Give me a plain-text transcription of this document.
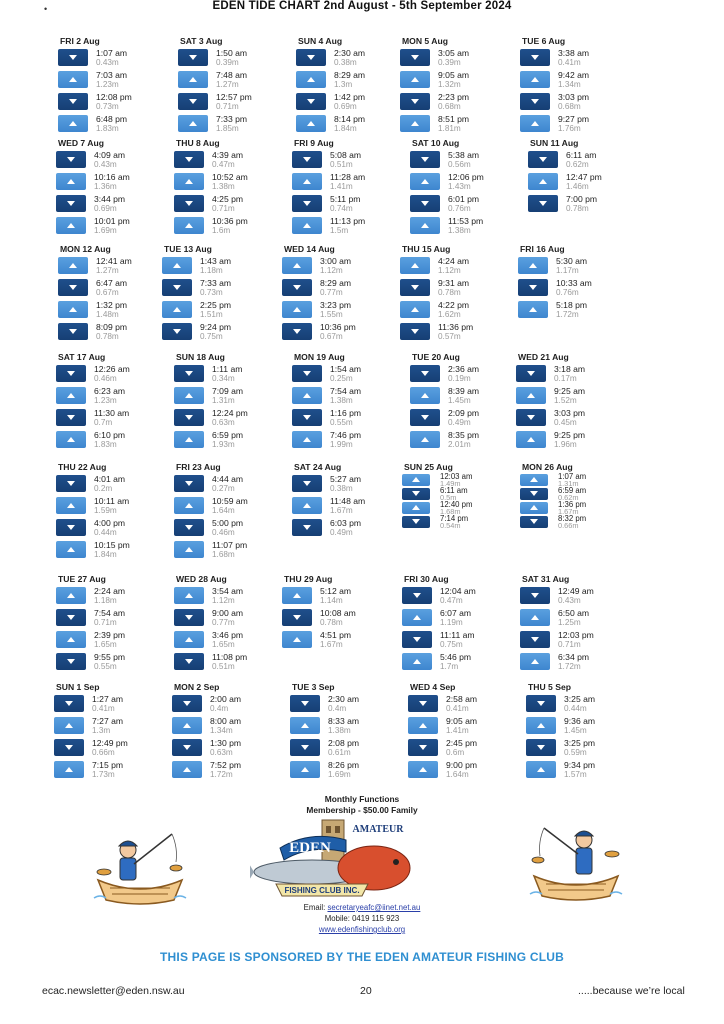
•	EDEN TIDE CHART 2nd August - 5th September 2024
FRI 2 Aug
1:07 am
0.43m
7:03 am
1.23m
12:08 pm
0.73m
6:48 pm
1.83m
SAT 3 Aug
1:50 am
0.39m
7:48 am
1.27m
12:57 pm
0.71m
7:33 pm
1.85m
SUN 4 Aug
2:30 am
0.38m
8:29 am
1.3m
1:42 pm
0.69m
8:14 pm
1.84m
MON 5 Aug
3:05 am
0.39m
9:05 am
1.32m
2:23 pm
0.68m
8:51 pm
1.81m
TUE 6 Aug
3:38 am
0.41m
9:42 am
1.34m
3:03 pm
0.68m
9:27 pm
1.76m
WED 7 Aug
4:09 am
0.43m
10:16 am
1.36m
3:44 pm
0.69m
10:01 pm
1.69m
THU 8 Aug
4:39 am
0.47m
10:52 am
1.38m
4:25 pm
0.71m
10:36 pm
1.6m
FRI 9 Aug
5:08 am
0.51m
11:28 am
1.41m
5:11 pm
0.74m
11:13 pm
1.5m
SAT 10 Aug
5:38 am
0.56m
12:06 pm
1.43m
6:01 pm
0.76m
11:53 pm
1.38m
SUN 11 Aug
6:11 am
0.62m
12:47 pm
1.46m
7:00 pm
0.78m
MON 12 Aug
12:41 am
1.27m
6:47 am
0.67m
1:32 pm
1.48m
8:09 pm
0.78m
TUE 13 Aug
1:43 am
1.18m
7:33 am
0.73m
2:25 pm
1.51m
9:24 pm
0.75m
WED 14 Aug
3:00 am
1.12m
8:29 am
0.77m
3:23 pm
1.55m
10:36 pm
0.67m
THU 15 Aug
4:24 am
1.12m
9:31 am
0.78m
4:22 pm
1.62m
11:36 pm
0.57m
FRI 16 Aug
5:30 am
1.17m
10:33 am
0.76m
5:18 pm
1.72m
SAT 17 Aug
12:26 am
0.46m
6:23 am
1.23m
11:30 am
0.7m
6:10 pm
1.83m
SUN 18 Aug
1:11 am
0.34m
7:09 am
1.31m
12:24 pm
0.63m
6:59 pm
1.93m
MON 19 Aug
1:54 am
0.25m
7:54 am
1.38m
1:16 pm
0.55m
7:46 pm
1.99m
TUE 20 Aug
2:36 am
0.19m
8:39 am
1.45m
2:09 pm
0.49m
8:35 pm
2.01m
WED 21 Aug
3:18 am
0.17m
9:25 am
1.52m
3:03 pm
0.45m
9:25 pm
1.96m
THU 22 Aug
4:01 am
0.2m
10:11 am
1.59m
4:00 pm
0.44m
10:15 pm
1.84m
FRI 23 Aug
4:44 am
0.27m
10:59 am
1.64m
5:00 pm
0.46m
11:07 pm
1.68m
SAT 24 Aug
5:27 am
0.38m
11:48 am
1.67m
6:03 pm
0.49m
SUN 25 Aug
12:03 am
1.49m
6:11 am
0.5m
12:40 pm
1.68m
7:14 pm
0.54m
MON 26 Aug
1:07 am
1.31m
6:59 am
0.62m
1:36 pm
1.67m
8:32 pm
0.66m
TUE 27 Aug
2:24 am
1.18m
7:54 am
0.71m
2:39 pm
1.65m
9:55 pm
0.55m
WED 28 Aug
3:54 am
1.12m
9:00 am
0.77m
3:46 pm
1.65m
11:08 pm
0.51m
THU 29 Aug
5:12 am
1.14m
10:08 am
0.78m
4:51 pm
1.67m
FRI 30 Aug
12:04 am
0.47m
6:07 am
1.19m
11:11 am
0.75m
5:46 pm
1.7m
SAT 31 Aug
12:49 am
0.43m
6:50 am
1.25m
12:03 pm
0.71m
6:34 pm
1.72m
SUN 1 Sep
1:27 am
0.41m
7:27 am
1.3m
12:49 pm
0.66m
7:15 pm
1.73m
MON 2 Sep
2:00 am
0.4m
8:00 am
1.34m
1:30 pm
0.63m
7:52 pm
1.72m
TUE 3 Sep
2:30 am
0.4m
8:33 am
1.38m
2:08 pm
0.61m
8:26 pm
1.69m
WED 4 Sep
2:58 am
0.41m
9:05 am
1.41m
2:45 pm
0.6m
9:00 pm
1.64m
THU 5 Sep
3:25 am
0.44m
9:36 am
1.45m
3:25 pm
0.59m
9:34 pm
1.57m
Monthly Functions
Membership - $50.00 Family
EDEN
AMATEUR
FISHING CLUB INC.
Email: secretaryeafc@iinet.net.au
Mobile: 0419 115 923
www.edenfishingclub.org
THIS PAGE IS SPONSORED BY THE EDEN AMATEUR FISHING CLUB
ecac.newsletter@eden.nsw.au	20	.....because we’re local
